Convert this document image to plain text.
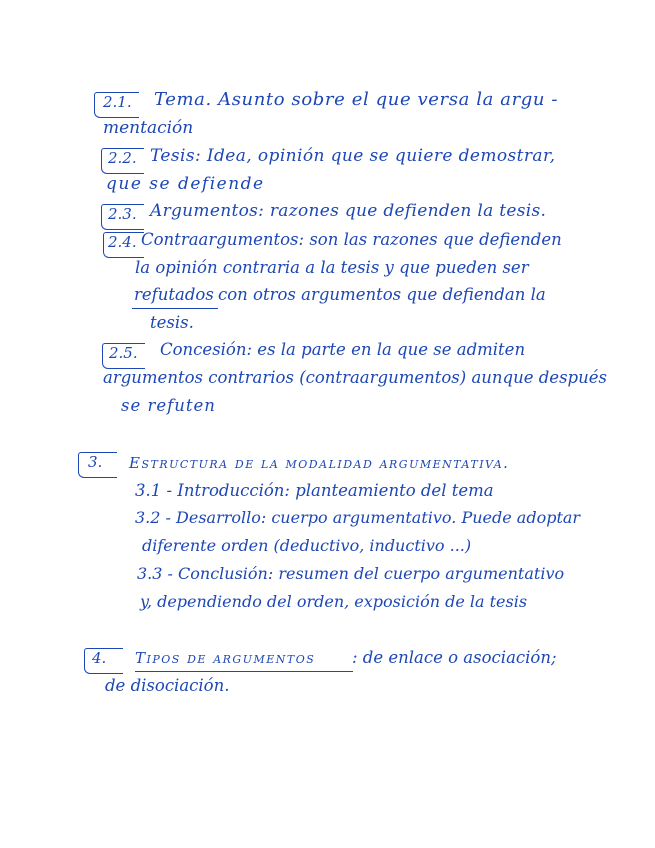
2.1. Tema. Asunto sobre el que versa la argu -
mentación
2.2. Tesis: Idea, opinión que se quiere demostrar,
que se defiende
2.3. Argumentos: razones que defienden la tesis.
2.4. Contraargumentos: son las razones que defienden
la opinión contraria a la tesis y que pueden ser
refutados con otros argumentos que defiendan la
tesis.
2.5. Concesión: es la parte en la que se admiten
argumentos contrarios (contraargumentos) aunque después
se refuten
3. Estructura de la modalidad argumentativa.
3.1 - Introducción: planteamiento del tema
3.2 - Desarrollo: cuerpo argumentativo. Puede adoptar
diferente orden (deductivo, inductivo ...)
3.3 - Conclusión: resumen del cuerpo argumentativo
y, dependiendo del orden, exposición de la tesis
4. Tipos de argumentos : de enlace o asociación;
de disociación.
